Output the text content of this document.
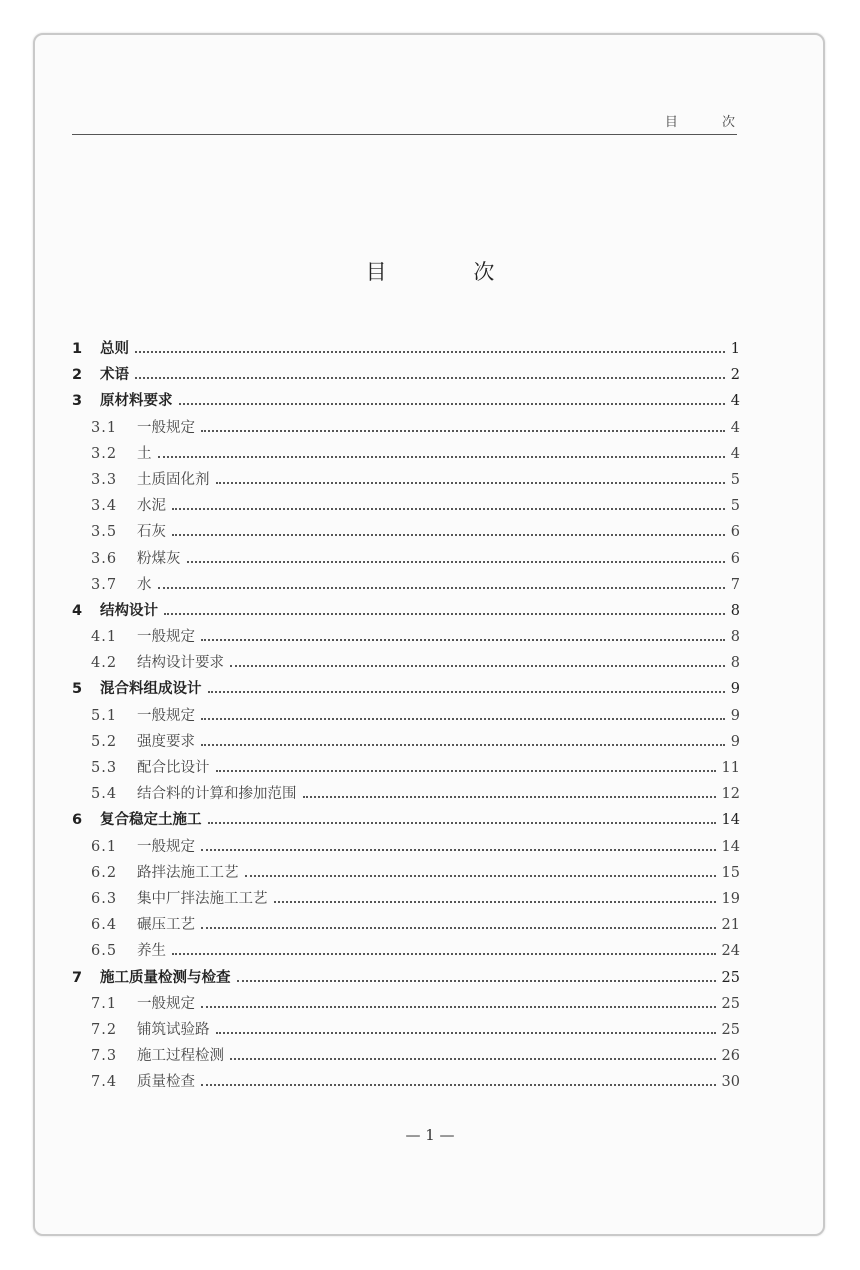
目 次
目 次
1	总则	1
2	术语	2
3	原材料要求	4
3.1	一般规定	4
3.2	土	4
3.3	土质固化剂	5
3.4	水泥	5
3.5	石灰	6
3.6	粉煤灰	6
3.7	水	7
4	结构设计	8
4.1	一般规定	8
4.2	结构设计要求	8
5	混合料组成设计	9
5.1	一般规定	9
5.2	强度要求	9
5.3	配合比设计	11
5.4	结合料的计算和掺加范围	12
6	复合稳定土施工	14
6.1	一般规定	14
6.2	路拌法施工工艺	15
6.3	集中厂拌法施工工艺	19
6.4	碾压工艺	21
6.5	养生	24
7	施工质量检测与检查	25
7.1	一般规定	25
7.2	铺筑试验路	25
7.3	施工过程检测	26
7.4	质量检查	30
— 1 —
